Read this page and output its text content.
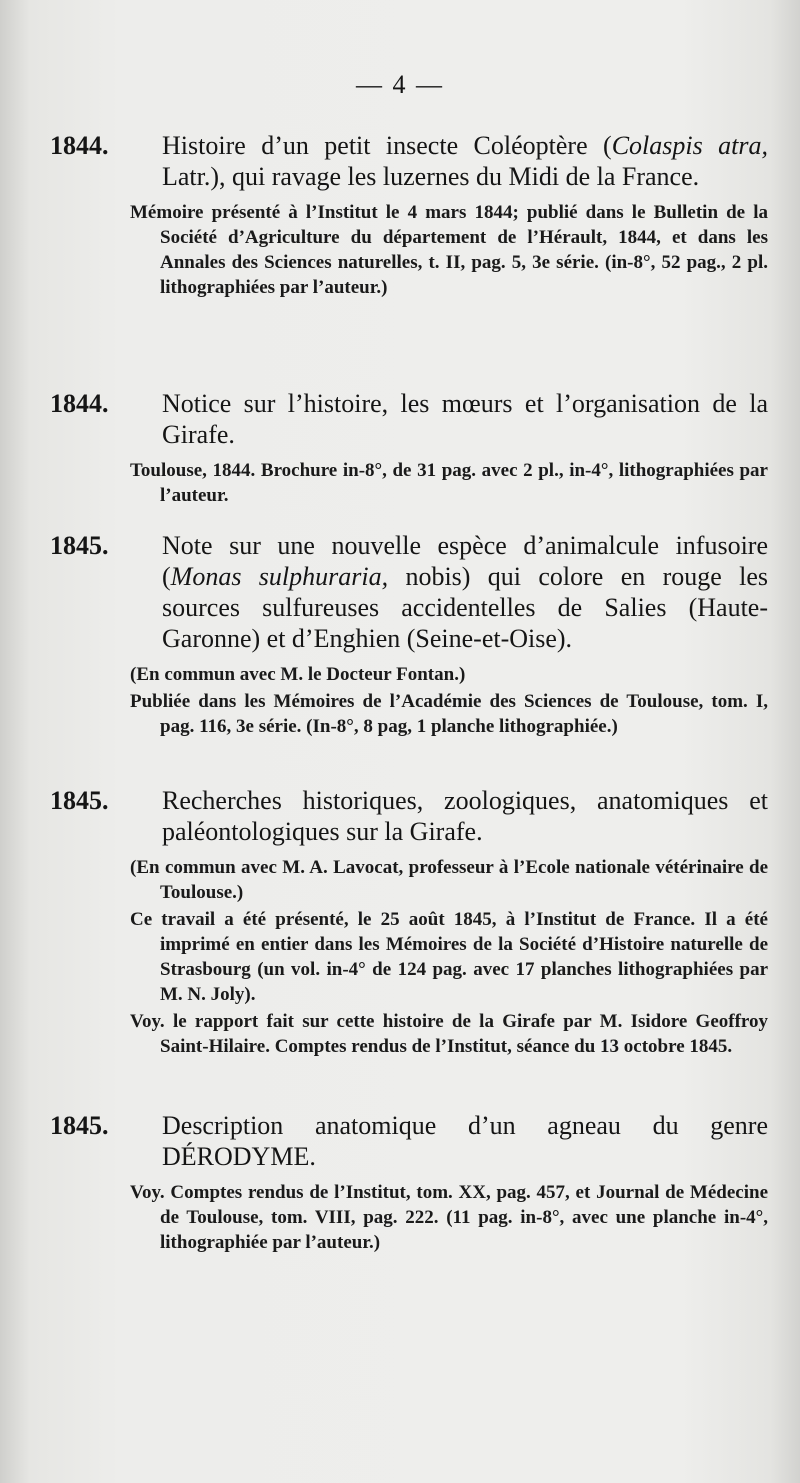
— 4 —

1844. Histoire d’un petit insecte Coléoptère (Colaspis atra, Latr.), qui ravage les luzernes du Midi de la France.

Mémoire présenté à l’Institut le 4 mars 1844; publié dans le Bulletin de la Société d’Agriculture du département de l’Hérault, 1844, et dans les Annales des Sciences naturelles, t. II, pag. 5, 3e série. (in-8°, 52 pag., 2 pl. lithographiées par l’auteur.)

1844. Notice sur l’histoire, les mœurs et l’organisation de la Girafe.

Toulouse, 1844. Brochure in-8°, de 31 pag. avec 2 pl., in-4°, lithographiées par l’auteur.

1845. Note sur une nouvelle espèce d’animalcule infusoire (Monas sulphuraria, nobis) qui colore en rouge les sources sulfureuses accidentelles de Salies (Haute-Garonne) et d’Enghien (Seine-et-Oise).

(En commun avec M. le Docteur Fontan.)

Publiée dans les Mémoires de l’Académie des Sciences de Toulouse, tom. I, pag. 116, 3e série. (In-8°, 8 pag, 1 planche lithographiée.)

1845. Recherches historiques, zoologiques, anatomiques et paléontologiques sur la Girafe.

(En commun avec M. A. Lavocat, professeur à l’Ecole nationale vétérinaire de Toulouse.)

Ce travail a été présenté, le 25 août 1845, à l’Institut de France. Il a été imprimé en entier dans les Mémoires de la Société d’Histoire naturelle de Strasbourg (un vol. in-4° de 124 pag. avec 17 planches lithographiées par M. N. Joly).

Voy. le rapport fait sur cette histoire de la Girafe par M. Isidore Geoffroy Saint-Hilaire. Comptes rendus de l’Institut, séance du 13 octobre 1845.

1845. Description anatomique d’un agneau du genre DÉRODYME.

Voy. Comptes rendus de l’Institut, tom. XX, pag. 457, et Journal de Médecine de Toulouse, tom. VIII, pag. 222. (11 pag. in-8°, avec une planche in-4°, lithographiée par l’auteur.)
